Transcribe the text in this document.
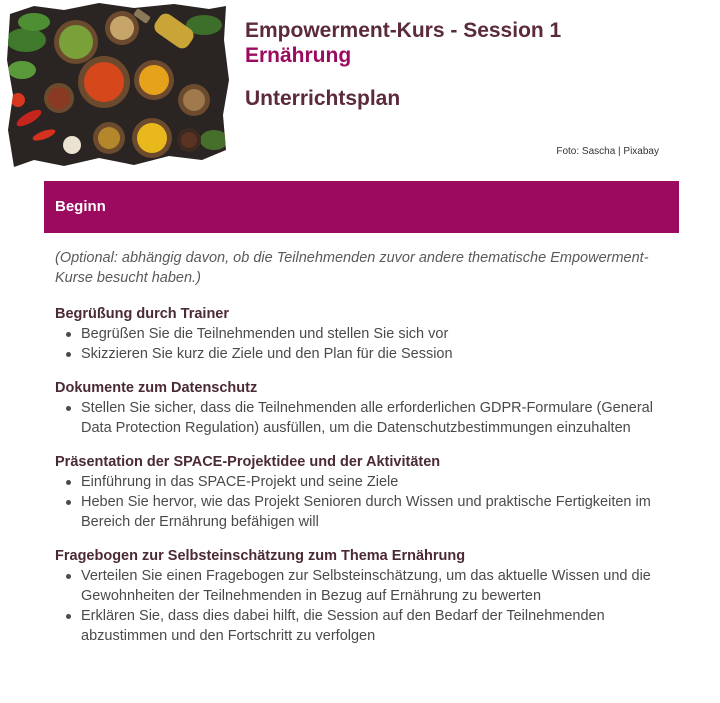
Empowerment-Kurs - Session 1

Ernährung

Unterrichtsplan

Foto: Sascha | Pixabay
Beginn

(Optional: abhängig davon, ob die Teilnehmenden zuvor andere thematische Empowerment-Kurse besucht haben.)

Begrüßung durch Trainer

Begrüßen Sie die Teilnehmenden und stellen Sie sich vor
Skizzieren Sie kurz die Ziele und den Plan für die Session

Dokumente zum Datenschutz

Stellen Sie sicher, dass die Teilnehmenden alle erforderlichen GDPR-Formulare (General Data Protection Regulation) ausfüllen, um die Datenschutzbestimmungen einzuhalten

Präsentation der SPACE-Projektidee und der Aktivitäten

Einführung in das SPACE-Projekt und seine Ziele
Heben Sie hervor, wie das Projekt Senioren durch Wissen und praktische Fertigkeiten im Bereich der Ernährung befähigen will

Fragebogen zur Selbsteinschätzung zum Thema Ernährung

Verteilen Sie einen Fragebogen zur Selbsteinschätzung, um das aktuelle Wissen und die Gewohnheiten der Teilnehmenden in Bezug auf Ernährung zu bewerten
Erklären Sie, dass dies dabei hilft, die Session auf den Bedarf der Teilnehmenden abzustimmen und den Fortschritt zu verfolgen
